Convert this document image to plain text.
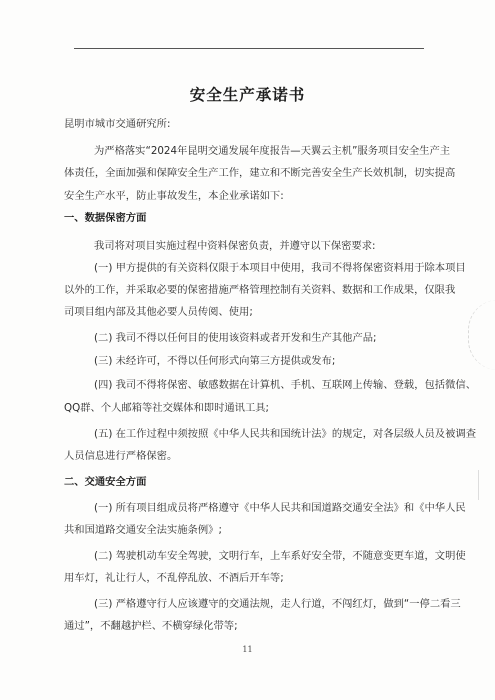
安全生产承诺书
昆明市城市交通研究所:
为严格落实“2024年昆明交通发展年度报告—天翼云主机”服务项目安全生产主
体责任，全面加强和保障安全生产工作，建立和不断完善安全生产长效机制，切实提高
安全生产水平，防止事故发生，本企业承诺如下:
一、数据保密方面
我司将对项目实施过程中资料保密负责，并遵守以下保密要求:
(一) 甲方提供的有关资料仅限于本项目中使用，我司不得将保密资料用于除本项目
以外的工作，并采取必要的保密措施严格管理控制有关资料、数据和工作成果，仅限我
司项目组内部及其他必要人员传阅、使用;
(二) 我司不得以任何目的使用该资料或者开发和生产其他产品;
(三) 未经许可，不得以任何形式向第三方提供或发布;
(四) 我司不得将保密、敏感数据在计算机、手机、互联网上传输、登载，包括微信、
QQ群、个人邮箱等社交媒体和即时通讯工具;
(五) 在工作过程中须按照《中华人民共和国统计法》的规定，对各层级人员及被调查
人员信息进行严格保密。
二、交通安全方面
(一) 所有项目组成员将严格遵守《中华人民共和国道路交通安全法》和《中华人民
共和国道路交通安全法实施条例》;
(二) 驾驶机动车安全驾驶，文明行车，上车系好安全带，不随意变更车道，文明使
用车灯，礼让行人，不乱停乱放、不酒后开车等;
(三) 严格遵守行人应该遵守的交通法规，走人行道，不闯红灯，做到“一停二看三
通过”，不翻越护栏、不横穿绿化带等;
11
